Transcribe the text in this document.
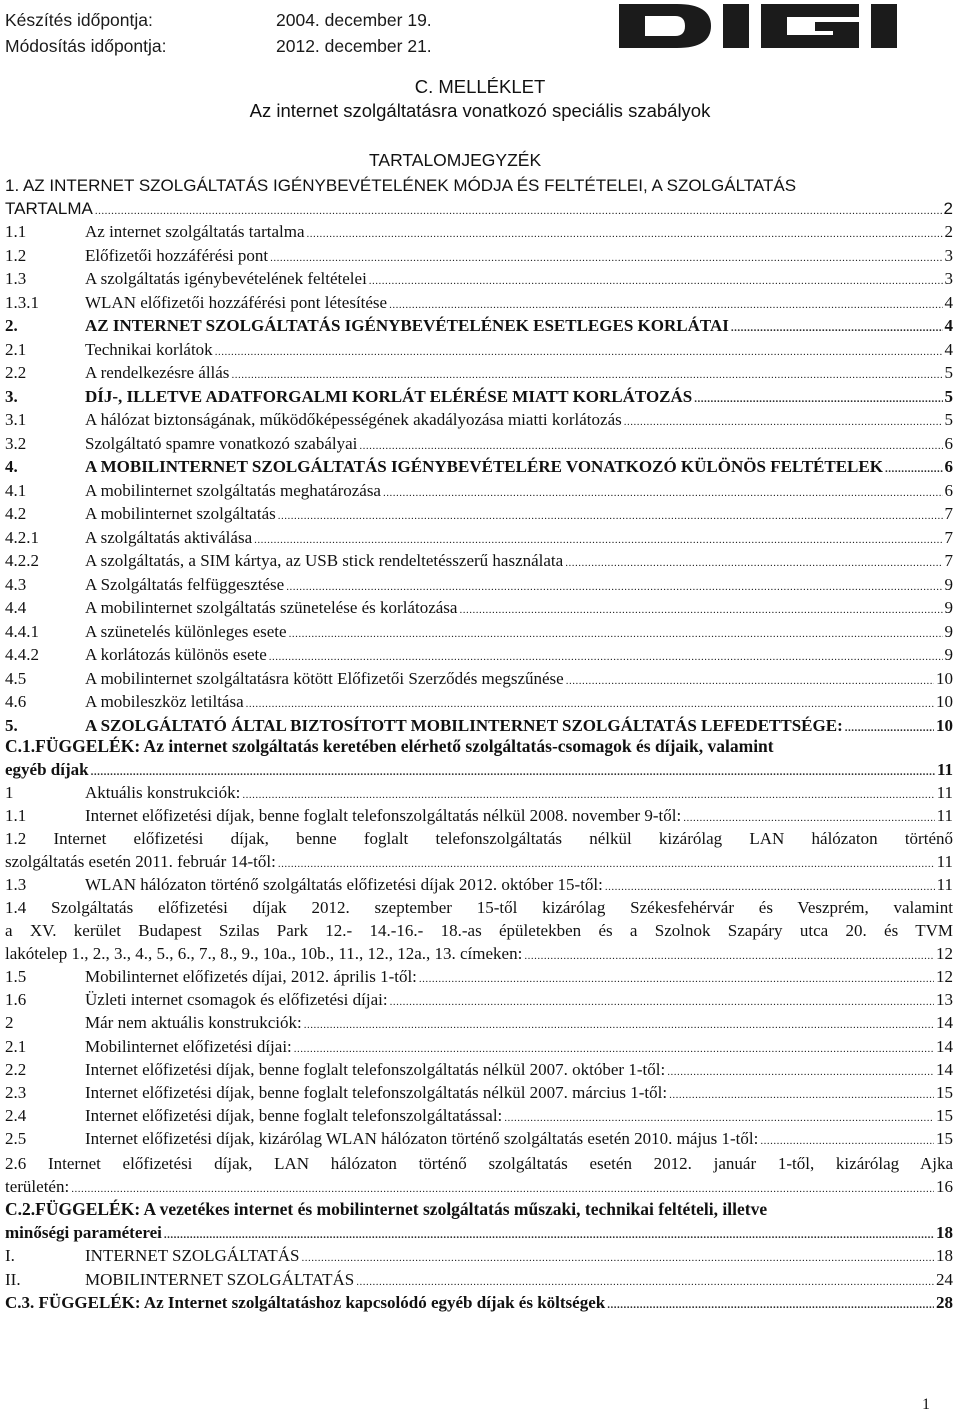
Készítés időpontja:	2004. december 19.
Módosítás időpontja:	2012. december 21.
C. MELLÉKLET
Az internet szolgáltatásra vonatkozó speciális szabályok
TARTALOMJEGYZÉK
1. AZ INTERNET SZOLGÁLTATÁS IGÉNYBEVÉTELÉNEK MÓDJA ÉS FELTÉTELEI, A SZOLGÁLTATÁS
TARTALMA .....	2
1.1	Az internet szolgáltatás tartalma .....	2
1.2	Előfizetői hozzáférési pont .....	3
1.3	A szolgáltatás igénybevételének feltételei .....	3
1.3.1	WLAN előfizetői hozzáférési pont létesítése .....	4
2.	AZ INTERNET SZOLGÁLTATÁS IGÉNYBEVÉTELÉNEK ESETLEGES KORLÁTAI .....	4
2.1	Technikai korlátok .....	4
2.2	A rendelkezésre állás .....	5
3.	DÍJ-, ILLETVE ADATFORGALMI KORLÁT ELÉRÉSE MIATT KORLÁTOZÁS .....	5
3.1	A hálózat biztonságának, működőképességének akadályozása miatti korlátozás .....	5
3.2	Szolgáltató spamre vonatkozó szabályai .....	6
4.	A MOBILINTERNET SZOLGÁLTATÁS IGÉNYBEVÉTELÉRE VONATKOZÓ KÜLÖNÖS FELTÉTELEK .....	6
4.1	A mobilinternet szolgáltatás meghatározása .....	6
4.2	A mobilinternet szolgáltatás .....	7
4.2.1	A szolgáltatás aktiválása .....	7
4.2.2	A szolgáltatás, a SIM kártya, az USB stick rendeltetésszerű használata .....	7
4.3	A Szolgáltatás felfüggesztése .....	9
4.4	A mobilinternet szolgáltatás szünetelése és korlátozása .....	9
4.4.1	A szünetelés különleges esete .....	9
4.4.2	A korlátozás különös esete .....	9
4.5	A mobilinternet szolgáltatásra kötött Előfizetői Szerződés megszűnése .....	10
4.6	A mobileszköz letiltása .....	10
5.	A SZOLGÁLTATÓ ÁLTAL BIZTOSÍTOTT MOBILINTERNET SZOLGÁLTATÁS LEFEDETTSÉGE: .....	10
C.1.FÜGGELÉK: Az internet szolgáltatás keretében elérhető szolgáltatás-csomagok és díjaik, valamint
egyéb díjak .....	11
1	Aktuális konstrukciók: .....	11
1.1	Internet előfizetési díjak, benne foglalt telefonszolgáltatás nélkül 2008. november 9-től: .....	11
1.2 Internet előfizetési díjak, benne foglalt telefonszolgáltatás nélkül kizárólag LAN hálózaton történő
szolgáltatás esetén 2011. február 14-től: .....	11
1.3	WLAN hálózaton történő szolgáltatás előfizetési díjak 2012. október 15-től: .....	11
1.4 Szolgáltatás előfizetési díjak 2012. szeptember 15-től kizárólag Székesfehérvár és Veszprém, valamint
a XV. kerület Budapest Szilas Park 12.- 14.-16.- 18.-as épületekben és a Szolnok Szapáry utca 20. és TVM
lakótelep 1., 2., 3., 4., 5., 6., 7., 8., 9., 10a., 10b., 11., 12., 12a., 13. címeken: .....	12
1.5	Mobilinternet előfizetés díjai, 2012. április 1-től: .....	12
1.6	Üzleti internet csomagok és előfizetési díjai: .....	13
2	Már nem aktuális konstrukciók: .....	14
2.1	Mobilinternet előfizetési díjai: .....	14
2.2	Internet előfizetési díjak, benne foglalt telefonszolgáltatás nélkül 2007. október 1-től: .....	14
2.3	Internet előfizetési díjak, benne foglalt telefonszolgáltatás nélkül 2007. március 1-től: .....	15
2.4	Internet előfizetési díjak, benne foglalt telefonszolgáltatással: .....	15
2.5	Internet előfizetési díjak, kizárólag WLAN hálózaton történő szolgáltatás esetén 2010. május 1-től: .....	15
2.6 Internet előfizetési díjak, LAN hálózaton történő szolgáltatás esetén 2012. január 1-től, kizárólag Ajka
területén: .....	16
C.2.FÜGGELÉK: A vezetékes internet és mobilinternet szolgáltatás műszaki, technikai feltételi, illetve
minőségi paraméterei .....	18
I.	INTERNET SZOLGÁLTATÁS .....	18
II.	MOBILINTERNET SZOLGÁLTATÁS .....	24
C.3. FÜGGELÉK: Az Internet szolgáltatáshoz kapcsolódó egyéb díjak és költségek .....	28
1
